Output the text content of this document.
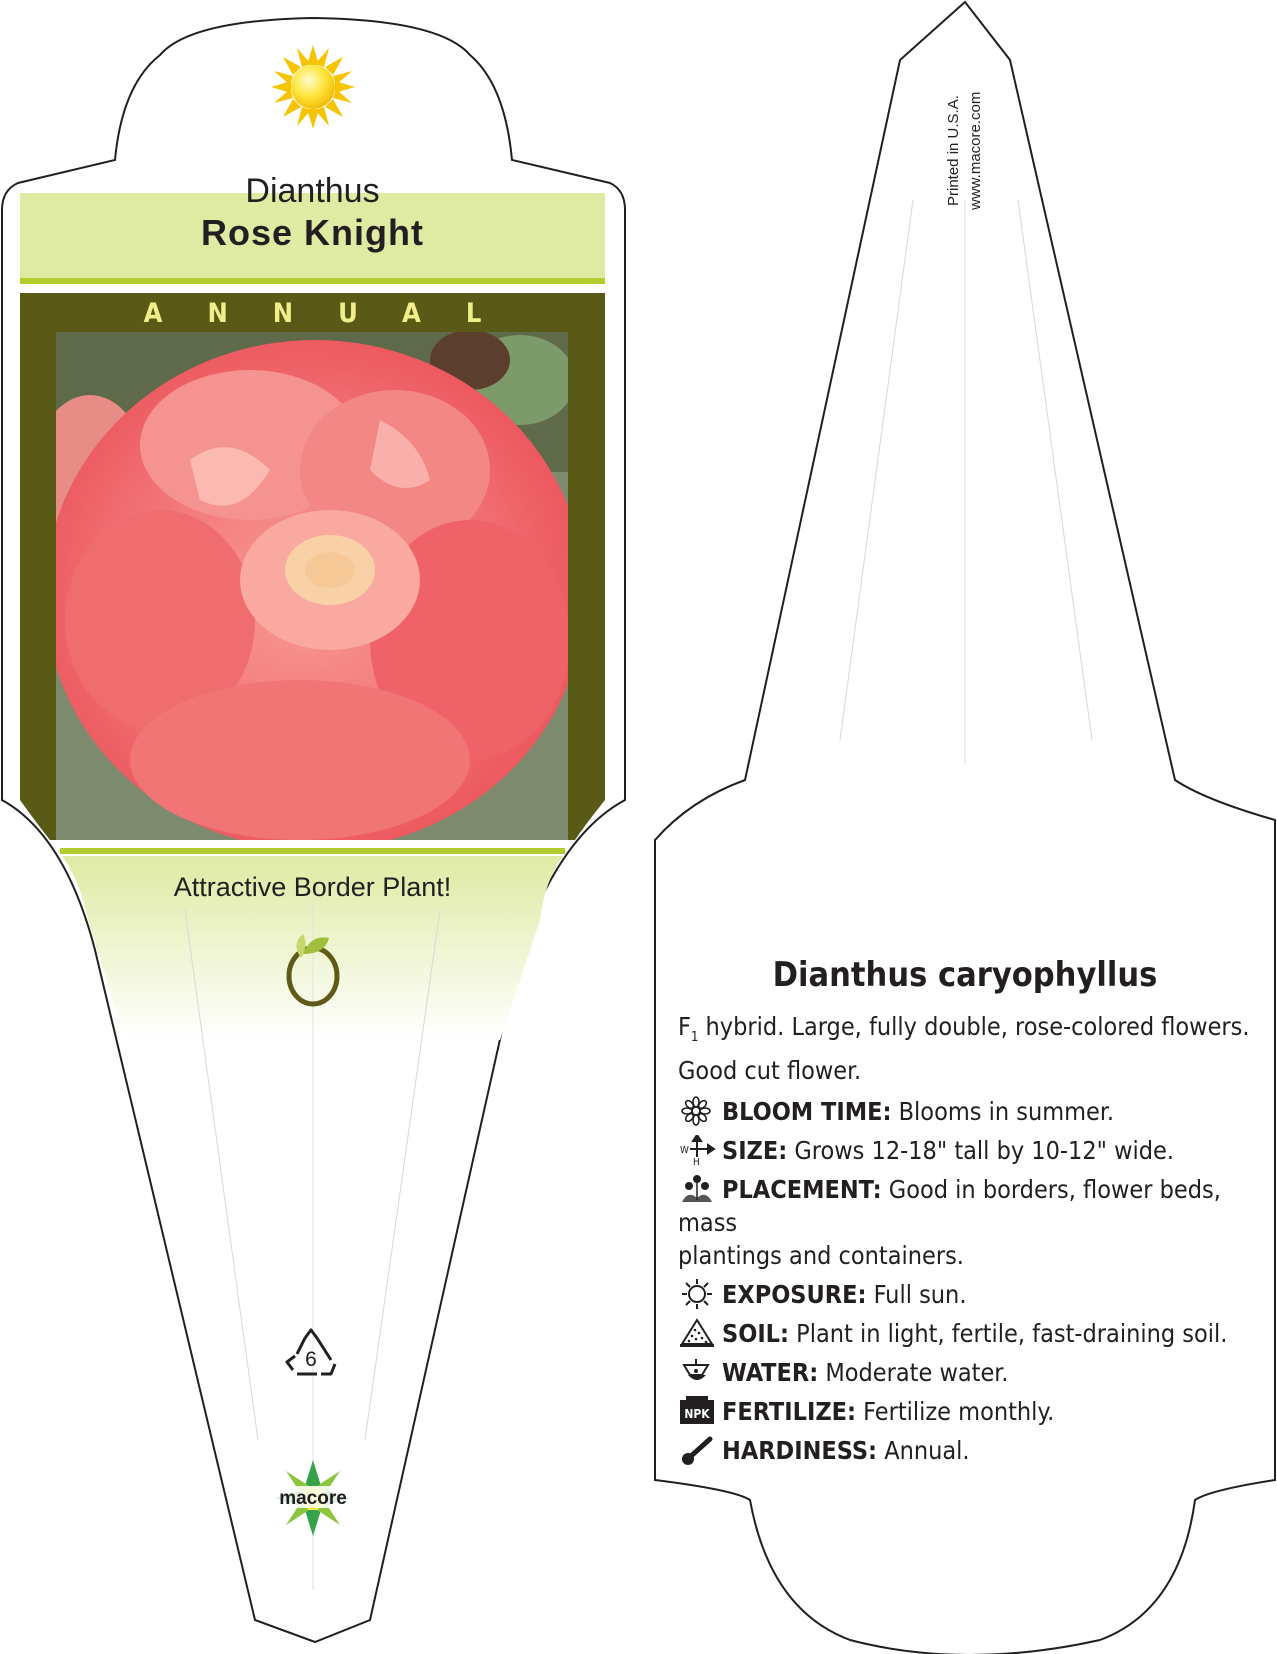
Dianthus
Rose Knight
ANNUAL
Attractive Border Plant!
6
macore
Printed in U.S.A. www.macore.com
Dianthus caryophyllus
$F_1$ hybrid. Large, fully double, rose-colored flowers.
Good cut flower.
BLOOM TIME: Blooms in summer.
W
H SIZE: Grows 12-18" tall by 10-12" wide.
PLACEMENT: Good in borders, flower beds, mass
plantings and containers.
EXPOSURE: Full sun.
SOIL: Plant in light, fertile, fast-draining soil.
WATER: Moderate water.
NPK FERTILIZE: Fertilize monthly.
HARDINESS: Annual.
